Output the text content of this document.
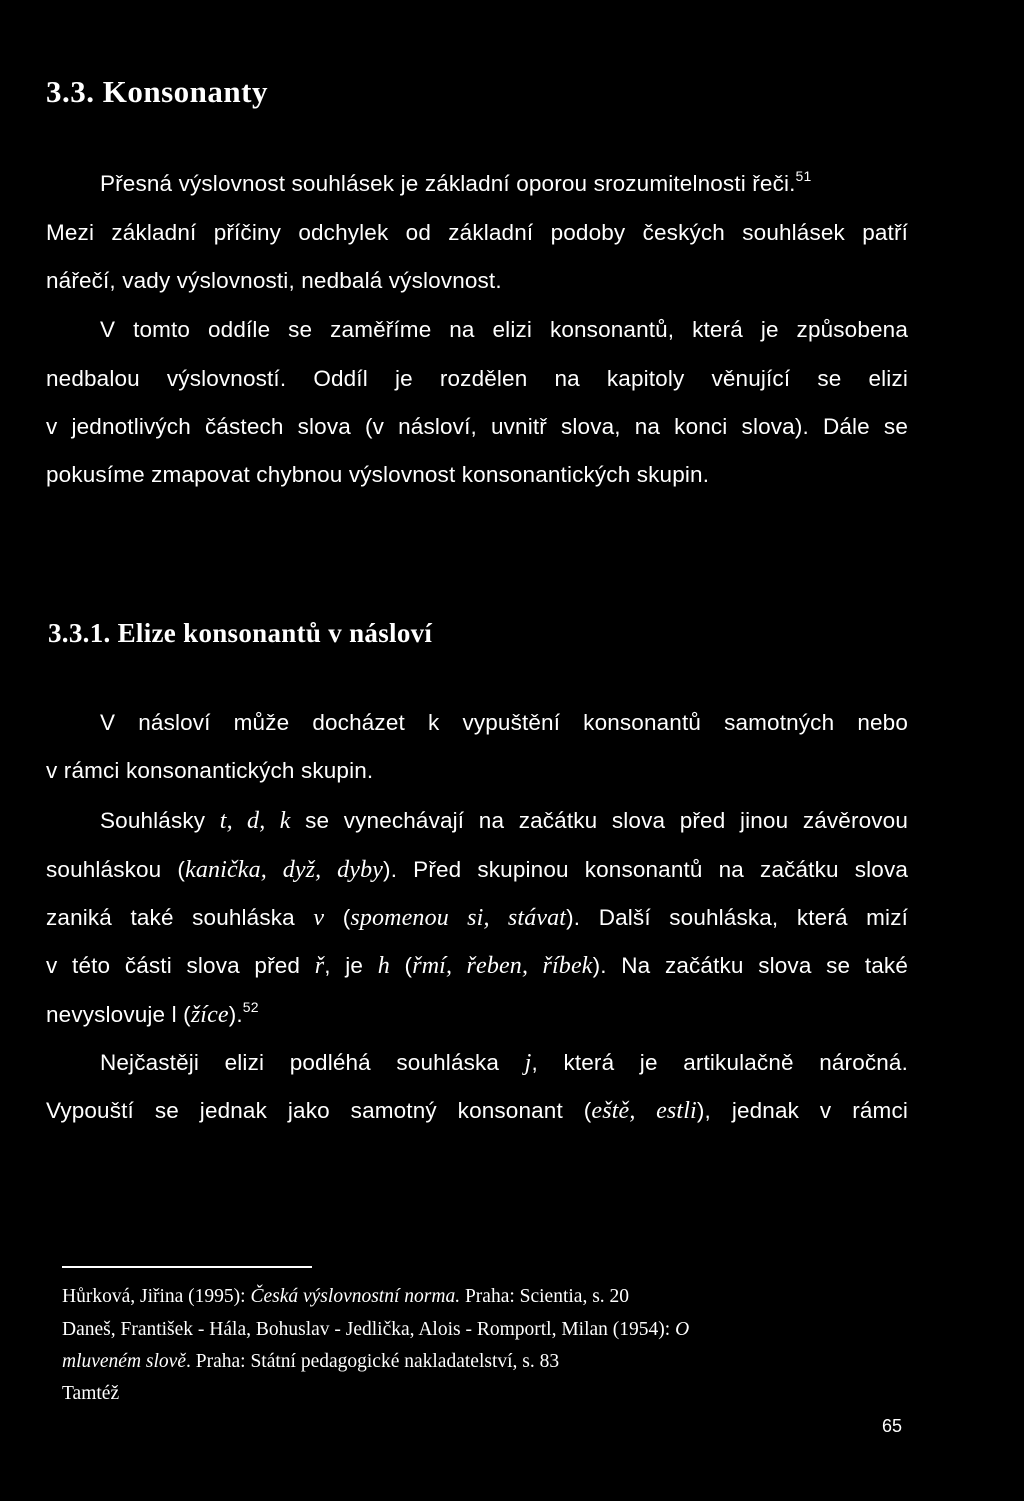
3.3. Konsonanty
Přesná výslovnost souhlásek je základní oporou srozumitelnosti řeči.$^{51}$
Mezi základní příčiny odchylek od základní podoby českých souhlásek patří
nářečí, vady výslovnosti, nedbalá výslovnost.
V tomto oddíle se zaměříme na elizi konsonantů, která je způsobena
nedbalou výslovností. Oddíl je rozdělen na kapitoly věnující se elizi
v jednotlivých částech slova (v násloví, uvnitř slova, na konci slova). Dále se
pokusíme zmapovat chybnou výslovnost konsonantických skupin.
3.3.1. Elize konsonantů v násloví
V násloví může docházet k vypuštění konsonantů samotných nebo
v rámci konsonantických skupin.
Souhlásky t, d, k se vynechávají na začátku slova před jinou závěrovou
souhláskou (kanička, dyž, dyby). Před skupinou konsonantů na začátku slova
zaniká také souhláska v (spomenou si, stávat). Další souhláska, která mizí
v této části slova před ř, je h (řmí, řeben, říbek). Na začátku slova se také
nevyslovuje l (žíce).$^{52}$
Nejčastěji elizi podléhá souhláska j, která je artikulačně náročná.
Vypouští se jednak jako samotný konsonant (eště, estli), jednak v rámci
Hůrková, Jiřina (1995): Česká výslovnostní norma. Praha: Scientia, s. 20
Daneš, František - Hála, Bohuslav - Jedlička, Alois - Romportl, Milan (1954): O
mluveném slově. Praha: Státní pedagogické nakladatelství, s. 83
Tamtéž
65
